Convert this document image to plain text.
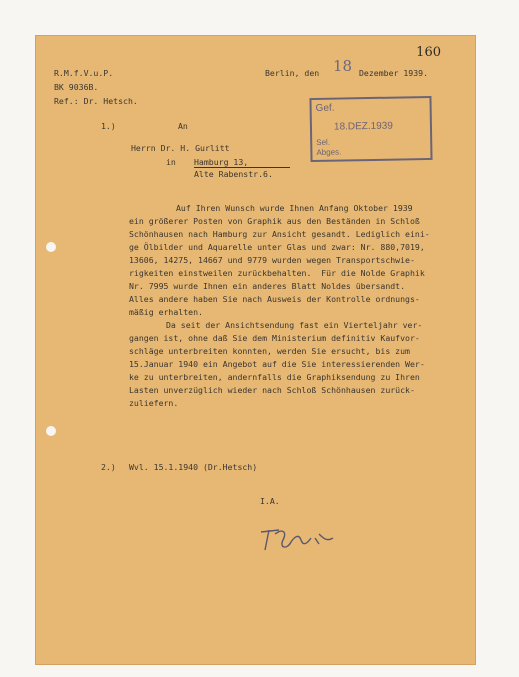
160
R.M.f.V.u.P.
BK 9036B.
Ref.: Dr. Hetsch.
Berlin, den 18 Dezember 1939.
Gef.
18.DEZ.1939
Sel.
Abges.
1.)	An
Herrn Dr. H. Gurlitt
in Hamburg 13,
Alte Rabenstr.6.
Auf Ihren Wunsch wurde Ihnen Anfang Oktober 1939
ein größerer Posten von Graphik aus den Beständen in Schloß
Schönhausen nach Hamburg zur Ansicht gesandt. Lediglich eini-
ge Ölbilder und Aquarelle unter Glas und zwar: Nr. 880,7019,
13606, 14275, 14667 und 9779 wurden wegen Transportschwie-
rigkeiten einstweilen zurückbehalten.  Für die Nolde Graphik
Nr. 7995 wurde Ihnen ein anderes Blatt Noldes übersandt.
Alles andere haben Sie nach Ausweis der Kontrolle ordnungs-
mäßig erhalten.
Da seit der Ansichtsendung fast ein Vierteljahr ver-
gangen ist, ohne daß Sie dem Ministerium definitiv Kaufvor-
schläge unterbreiten konnten, werden Sie ersucht, bis zum
15.Januar 1940 ein Angebot auf die Sie interessierenden Wer-
ke zu unterbreiten, andernfalls die Graphiksendung zu Ihren
Lasten unverzüglich wieder nach Schloß Schönhausen zurück-
zuliefern.
2.) Wvl. 15.1.1940 (Dr.Hetsch)
I.A.
